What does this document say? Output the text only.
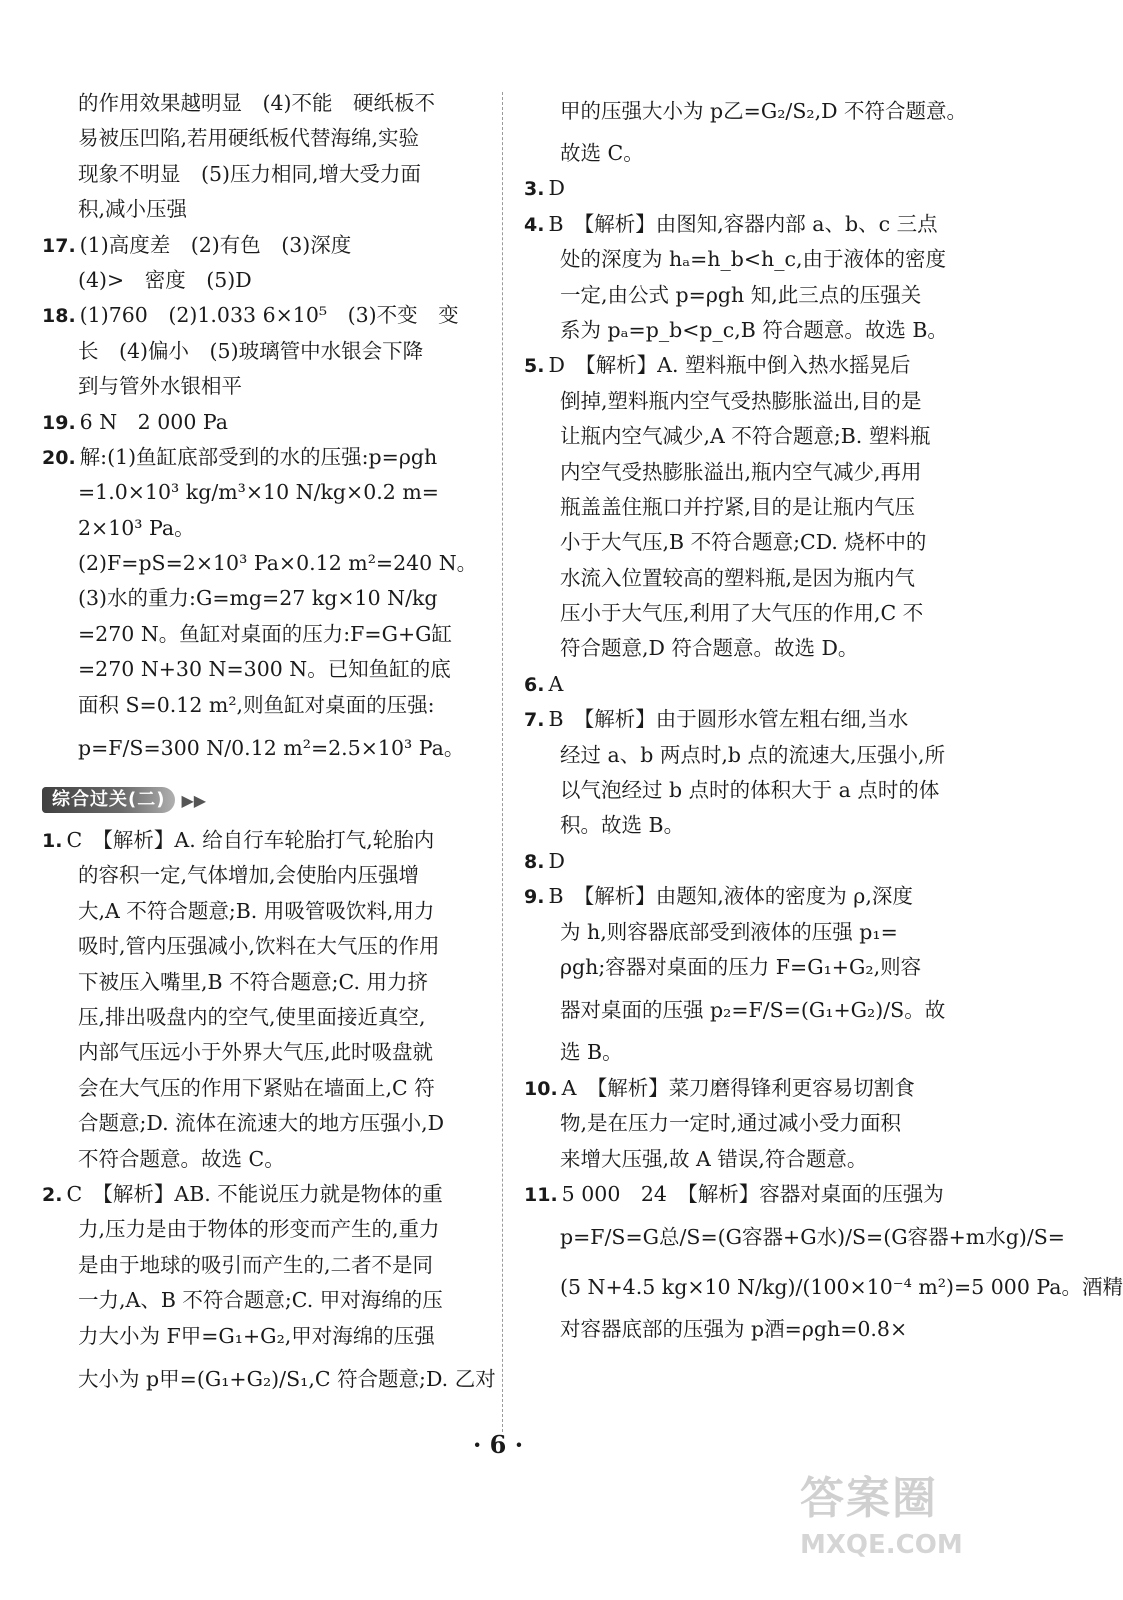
的作用效果越明显　(4)不能　硬纸板不
易被压凹陷,若用硬纸板代替海绵,实验
现象不明显　(5)压力相同,增大受力面
积,减小压强
17. (1)高度差　(2)有色　(3)深度
(4)>　密度　(5)D
18. (1)760　(2)1.033 6×10⁵　(3)不变　变
长　(4)偏小　(5)玻璃管中水银会下降
到与管外水银相平
19. 6 N　2 000 Pa
20. 解:(1)鱼缸底部受到的水的压强:p=ρgh
=1.0×10³ kg/m³×10 N/kg×0.2 m=
2×10³ Pa。
(2)F=pS=2×10³ Pa×0.12 m²=240 N。
(3)水的重力:G=mg=27 kg×10 N/kg
=270 N。鱼缸对桌面的压力:F=G+G缸
=270 N+30 N=300 N。已知鱼缸的底
面积 S=0.12 m²,则鱼缸对桌面的压强:
p=F/S=300 N/0.12 m²=2.5×10³ Pa。
综合过关(二)	▶▶
1. C　【解析】A. 给自行车轮胎打气,轮胎内
的容积一定,气体增加,会使胎内压强增
大,A 不符合题意;B. 用吸管吸饮料,用力
吸时,管内压强减小,饮料在大气压的作用
下被压入嘴里,B 不符合题意;C. 用力挤
压,排出吸盘内的空气,使里面接近真空,
内部气压远小于外界大气压,此时吸盘就
会在大气压的作用下紧贴在墙面上,C 符
合题意;D. 流体在流速大的地方压强小,D
不符合题意。故选 C。
2. C　【解析】AB. 不能说压力就是物体的重
力,压力是由于物体的形变而产生的,重力
是由于地球的吸引而产生的,二者不是同
一力,A、B 不符合题意;C. 甲对海绵的压
力大小为 F甲=G₁+G₂,甲对海绵的压强
大小为 p甲=(G₁+G₂)/S₁,C 符合题意;D. 乙对
甲的压强大小为 p乙=G₂/S₂,D 不符合题意。
故选 C。
3. D
4. B　【解析】由图知,容器内部 a、b、c 三点
处的深度为 hₐ=h_b<h_c,由于液体的密度
一定,由公式 p=ρgh 知,此三点的压强关
系为 pₐ=p_b<p_c,B 符合题意。故选 B。
5. D　【解析】A. 塑料瓶中倒入热水摇晃后
倒掉,塑料瓶内空气受热膨胀溢出,目的是
让瓶内空气减少,A 不符合题意;B. 塑料瓶
内空气受热膨胀溢出,瓶内空气减少,再用
瓶盖盖住瓶口并拧紧,目的是让瓶内气压
小于大气压,B 不符合题意;CD. 烧杯中的
水流入位置较高的塑料瓶,是因为瓶内气
压小于大气压,利用了大气压的作用,C 不
符合题意,D 符合题意。故选 D。
6. A
7. B　【解析】由于圆形水管左粗右细,当水
经过 a、b 两点时,b 点的流速大,压强小,所
以气泡经过 b 点时的体积大于 a 点时的体
积。故选 B。
8. D
9. B　【解析】由题知,液体的密度为 ρ,深度
为 h,则容器底部受到液体的压强 p₁=
ρgh;容器对桌面的压力 F=G₁+G₂,则容
器对桌面的压强 p₂=F/S=(G₁+G₂)/S。故
选 B。
10. A　【解析】菜刀磨得锋利更容易切割食
物,是在压力一定时,通过减小受力面积
来增大压强,故 A 错误,符合题意。
11. 5 000　24　【解析】容器对桌面的压强为
p=F/S=G总/S=(G容器+G水)/S=(G容器+m水g)/S=
(5 N+4.5 kg×10 N/kg)/(100×10⁻⁴ m²)=5 000 Pa。酒精
对容器底部的压强为 p酒=ρgh=0.8×
· 6 ·
答案圈
MXQE.COM
